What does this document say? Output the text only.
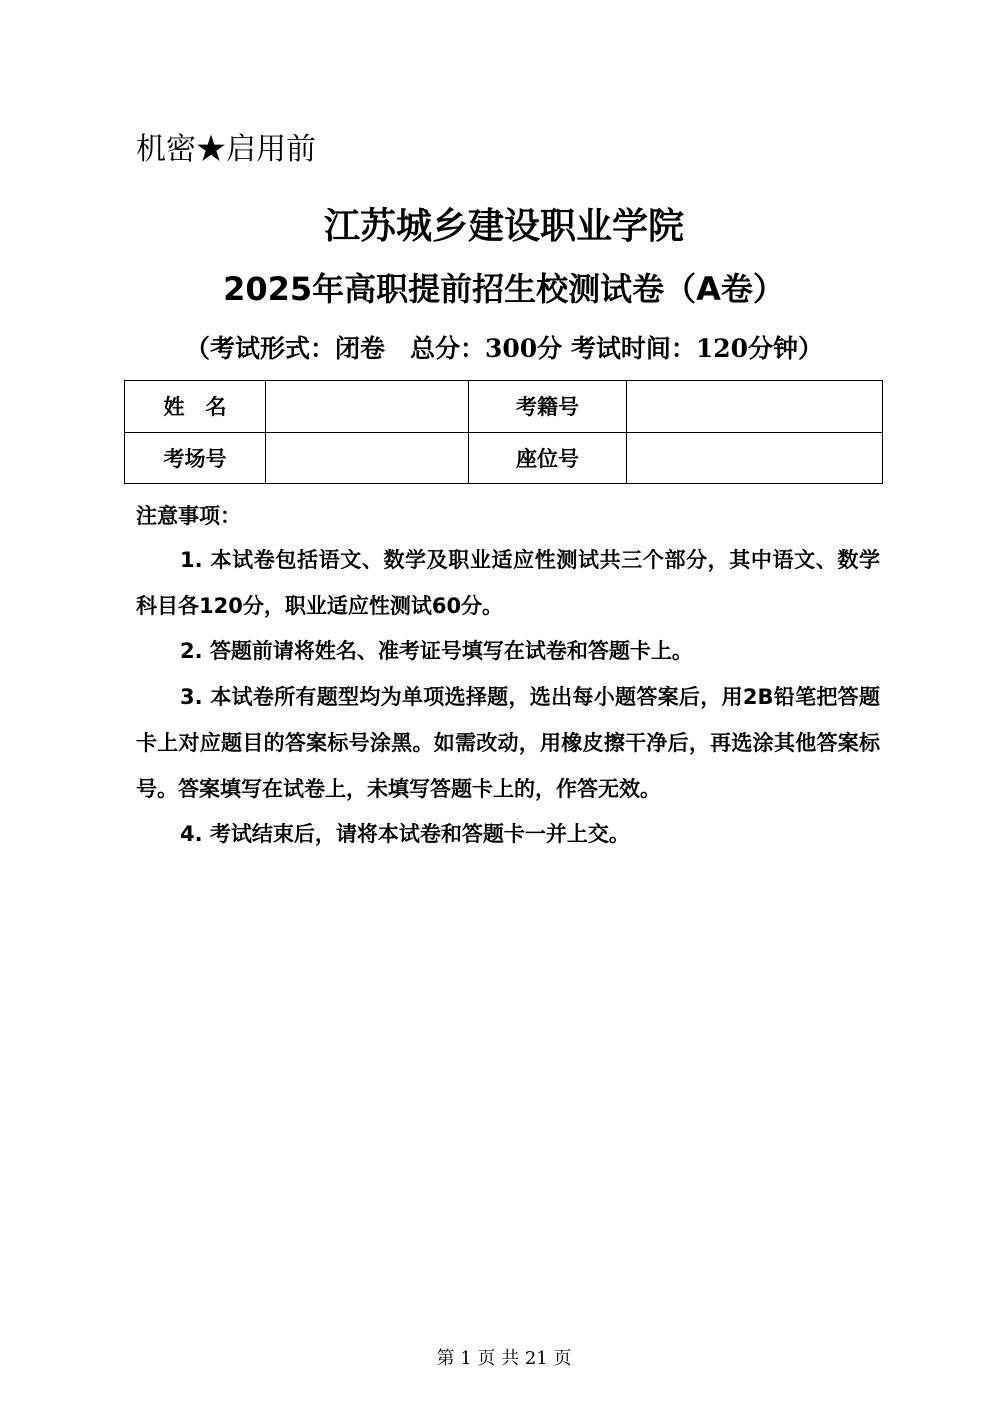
机密★启用前
江苏城乡建设职业学院
2025年高职提前招生校测试卷（A卷）
（考试形式：闭卷　总分：300分 考试时间：120分钟）
姓　名		考籍号	
考场号		座位号	
注意事项：

1. 本试卷包括语文、数学及职业适应性测试共三个部分，其中语文、数学科目各120分，职业适应性测试60分。

2. 答题前请将姓名、准考证号填写在试卷和答题卡上。

3. 本试卷所有题型均为单项选择题，选出每小题答案后，用2B铅笔把答题卡上对应题目的答案标号涂黑。如需改动，用橡皮擦干净后，再选涂其他答案标号。答案填写在试卷上，未填写答题卡上的，作答无效。

4. 考试结束后，请将本试卷和答题卡一并上交。

第 1 页 共 21 页
